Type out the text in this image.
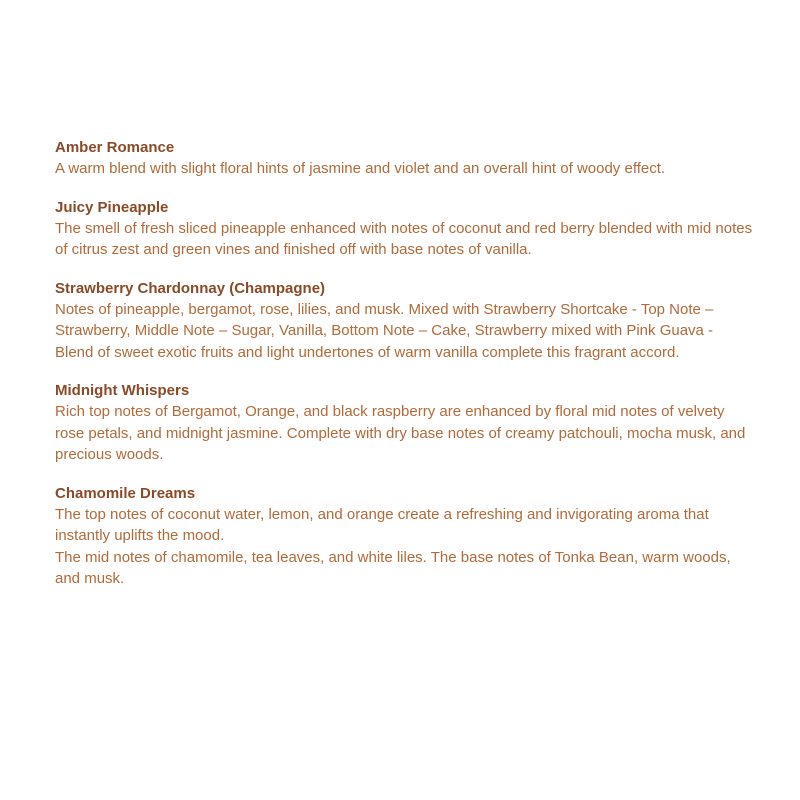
Amber Romance

A warm blend with slight floral hints of jasmine and violet and an overall hint of woody effect.

Juicy Pineapple

The smell of fresh sliced pineapple enhanced with notes of coconut and red berry blended with mid notes of citrus zest and green vines and finished off with base notes of vanilla.

Strawberry Chardonnay (Champagne)

Notes of pineapple, bergamot, rose, lilies, and musk. Mixed with Strawberry Shortcake - Top Note – Strawberry, Middle Note – Sugar, Vanilla, Bottom Note – Cake, Strawberry mixed with Pink Guava - Blend of sweet exotic fruits and light undertones of warm vanilla complete this fragrant accord.

Midnight Whispers

Rich top notes of Bergamot, Orange, and black raspberry are enhanced by floral mid notes of velvety rose petals, and midnight jasmine. Complete with dry base notes of creamy patchouli, mocha musk, and precious woods.

Chamomile Dreams

The top notes of coconut water, lemon, and orange create a refreshing and invigorating aroma that instantly uplifts the mood.

The mid notes of chamomile, tea leaves, and white liles. The base notes of Tonka Bean, warm woods, and musk.
